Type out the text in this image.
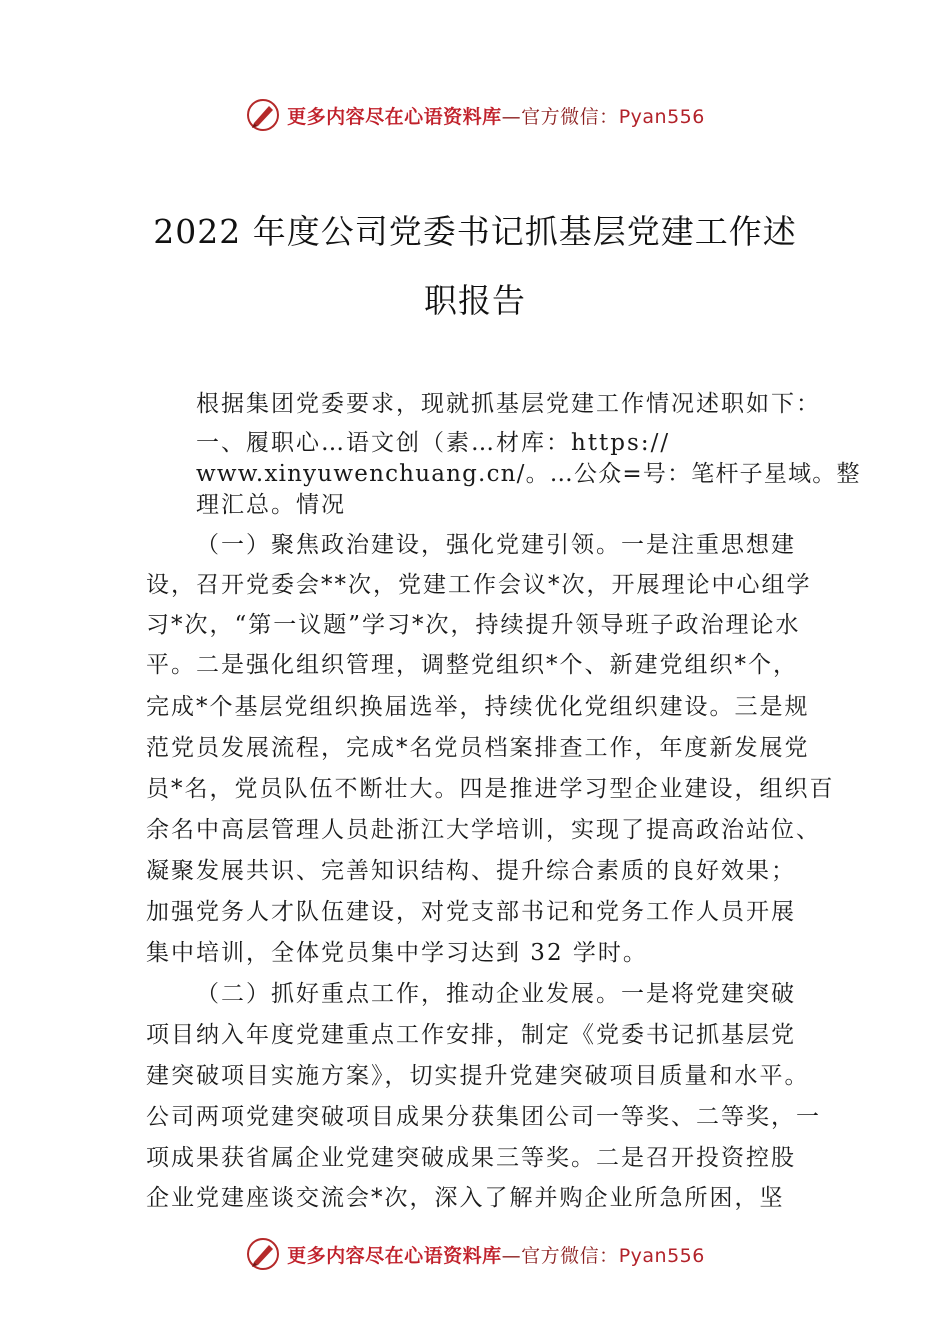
更多内容尽在心语资料库—官方微信：Pyan556
2022 年度公司党委书记抓基层党建工作述
职报告
根据集团党委要求，现就抓基层党建工作情况述职如下：
一、履职心…语文创（素…材库：https://
www.xinyuwenchuang.cn/。…公众=号：笔杆子星域。整
理汇总。情况
（一）聚焦政治建设，强化党建引领。一是注重思想建
设，召开党委会**次，党建工作会议*次，开展理论中心组学
习*次，“第一议题”学习*次，持续提升领导班子政治理论水
平。二是强化组织管理，调整党组织*个、新建党组织*个，
完成*个基层党组织换届选举，持续优化党组织建设。三是规
范党员发展流程，完成*名党员档案排查工作，年度新发展党
员*名，党员队伍不断壮大。四是推进学习型企业建设，组织百
余名中高层管理人员赴浙江大学培训，实现了提高政治站位、
凝聚发展共识、完善知识结构、提升综合素质的良好效果；
加强党务人才队伍建设，对党支部书记和党务工作人员开展
集中培训，全体党员集中学习达到 32 学时。
（二）抓好重点工作，推动企业发展。一是将党建突破
项目纳入年度党建重点工作安排，制定《党委书记抓基层党
建突破项目实施方案》，切实提升党建突破项目质量和水平。
公司两项党建突破项目成果分获集团公司一等奖、二等奖，一
项成果获省属企业党建突破成果三等奖。二是召开投资控股
企业党建座谈交流会*次，深入了解并购企业所急所困，坚
更多内容尽在心语资料库—官方微信：Pyan556
